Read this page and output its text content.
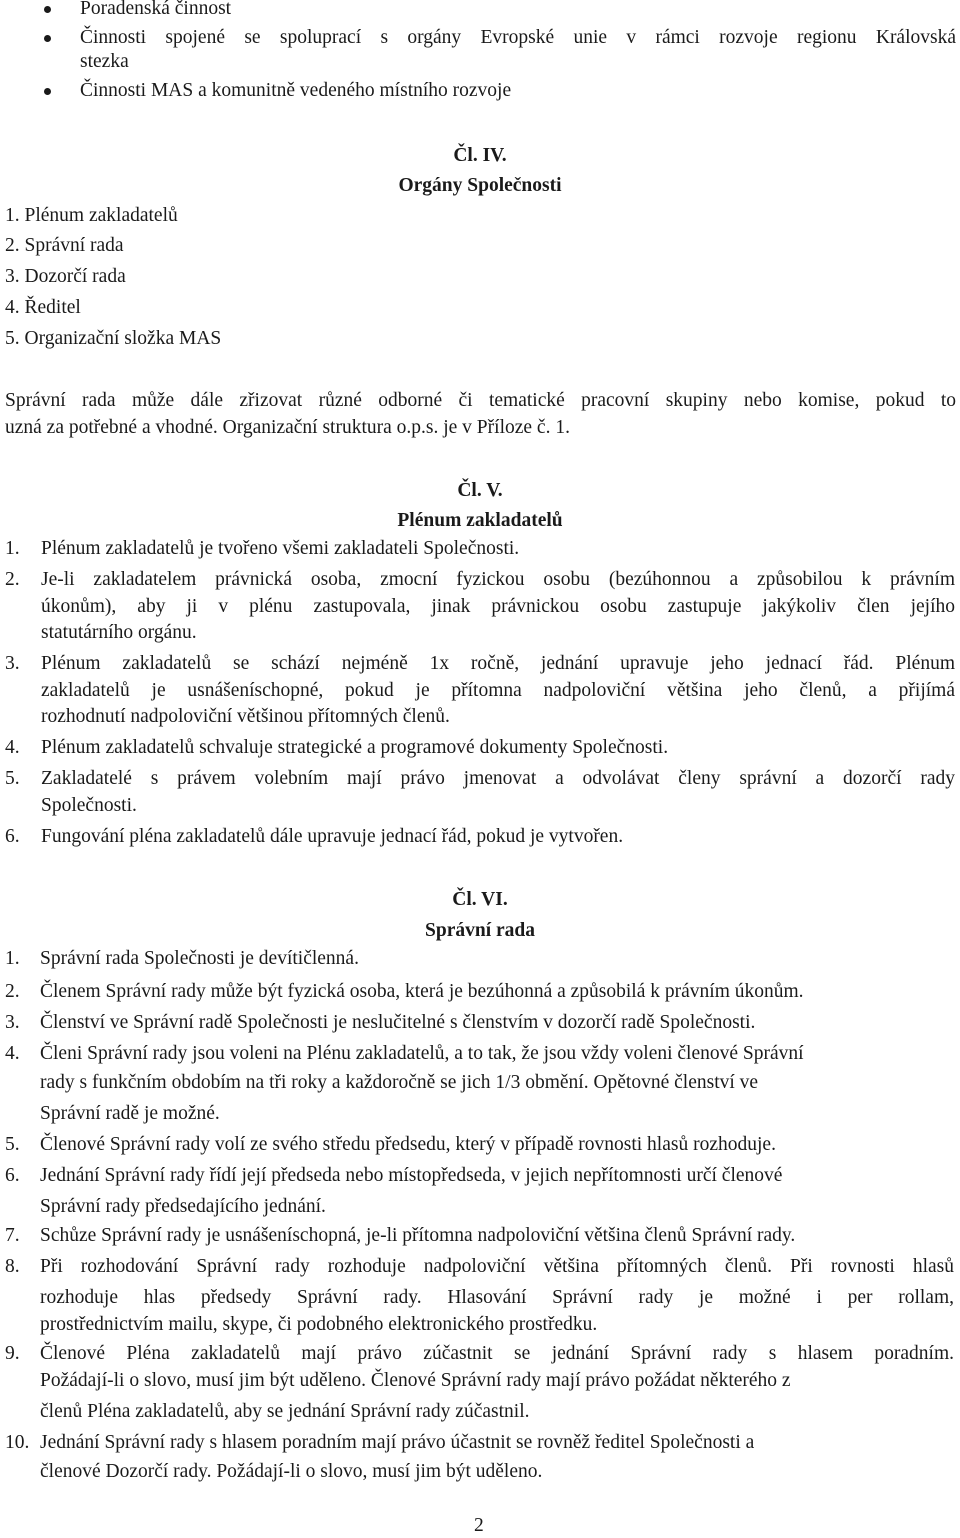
Poradenská činnost
Činnosti spojené se spoluprací s orgány Evropské unie v rámci rozvoje regionu Královská
stezka
Činnosti MAS a komunitně vedeného místního rozvoje
Čl. IV.
Orgány Společnosti
1. Plénum zakladatelů
2. Správní rada
3. Dozorčí rada
4. Ředitel
5. Organizační složka MAS
Správní rada může dále zřizovat různé odborné či tematické pracovní skupiny nebo komise, pokud to
uzná za potřebné a vhodné. Organizační struktura o.p.s. je v Příloze č. 1.
Čl. V.
Plénum zakladatelů
1. Plénum zakladatelů je tvořeno všemi zakladateli Společnosti.
2. Je-li zakladatelem právnická osoba, zmocní fyzickou osobu (bezúhonnou a způsobilou k právním
úkonům), aby ji v plénu zastupovala, jinak právnickou osobu zastupuje jakýkoliv člen jejího
statutárního orgánu.
3. Plénum zakladatelů se schází nejméně 1x ročně, jednání upravuje jeho jednací řád. Plénum
zakladatelů je usnášeníschopné, pokud je přítomna nadpoloviční většina jeho členů, a přijímá
rozhodnutí nadpoloviční většinou přítomných členů.
4. Plénum zakladatelů schvaluje strategické a programové dokumenty Společnosti.
5. Zakladatelé s právem volebním mají právo jmenovat a odvolávat členy správní a dozorčí rady
Společnosti.
6. Fungování pléna zakladatelů dále upravuje jednací řád, pokud je vytvořen.
Čl. VI.
Správní rada
1. Správní rada Společnosti je devítičlenná.
2. Členem Správní rady může být fyzická osoba, která je bezúhonná a způsobilá k právním úkonům.
3. Členství ve Správní radě Společnosti je neslučitelné s členstvím v dozorčí radě Společnosti.
4. Členi Správní rady jsou voleni na Plénu zakladatelů, a to tak, že jsou vždy voleni členové Správní
rady s funkčním obdobím na tři roky a každoročně se jich 1/3 obmění. Opětovné členství ve
Správní radě je možné.
5. Členové Správní rady volí ze svého středu předsedu, který v případě rovnosti hlasů rozhoduje.
6. Jednání Správní rady řídí její předseda nebo místopředseda, v jejich nepřítomnosti určí členové
Správní rady předsedajícího jednání.
7. Schůze Správní rady je usnášeníschopná, je-li přítomna nadpoloviční většina členů Správní rady.
8. Při rozhodování Správní rady rozhoduje nadpoloviční většina přítomných členů. Při rovnosti hlasů
rozhoduje hlas předsedy Správní rady. Hlasování Správní rady je možné i per rollam,
prostřednictvím mailu, skype, či podobného elektronického prostředku.
9. Členové Pléna zakladatelů mají právo zúčastnit se jednání Správní rady s hlasem poradním.
Požádají-li o slovo, musí jim být uděleno. Členové Správní rady mají právo požádat některého z
členů Pléna zakladatelů, aby se jednání Správní rady zúčastnil.
10. Jednání Správní rady s hlasem poradním mají právo účastnit se rovněž ředitel Společnosti a
členové Dozorčí rady. Požádají-li o slovo, musí jim být uděleno.
2
